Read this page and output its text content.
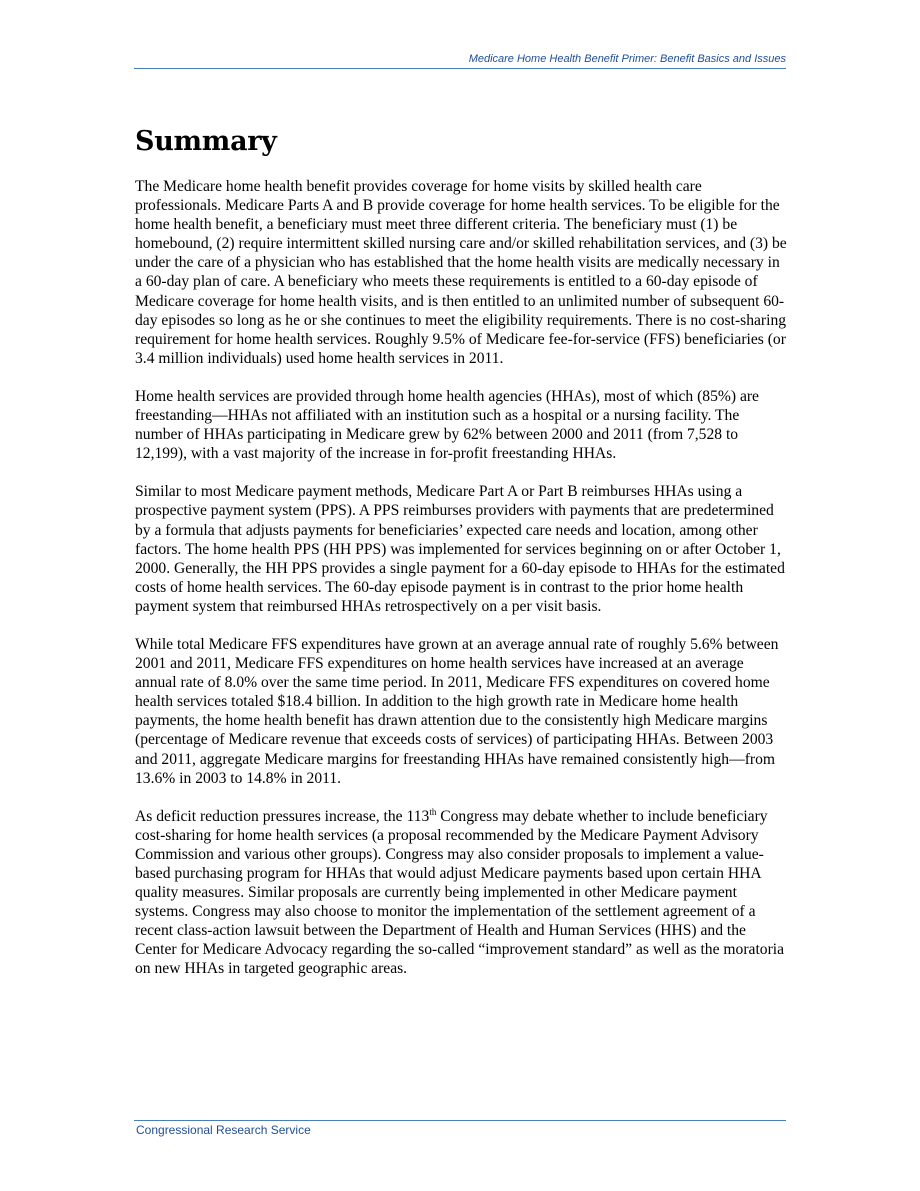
Medicare Home Health Benefit Primer: Benefit Basics and Issues
Summary

The Medicare home health benefit provides coverage for home visits by skilled health care professionals. Medicare Parts A and B provide coverage for home health services. To be eligible for the home health benefit, a beneficiary must meet three different criteria. The beneficiary must (1) be homebound, (2) require intermittent skilled nursing care and/or skilled rehabilitation services, and (3) be under the care of a physician who has established that the home health visits are medically necessary in a 60-day plan of care. A beneficiary who meets these requirements is entitled to a 60-day episode of Medicare coverage for home health visits, and is then entitled to an unlimited number of subsequent 60-day episodes so long as he or she continues to meet the eligibility requirements. There is no cost-sharing requirement for home health services. Roughly 9.5% of Medicare fee-for-service (FFS) beneficiaries (or 3.4 million individuals) used home health services in 2011.

Home health services are provided through home health agencies (HHAs), most of which (85%) are freestanding—HHAs not affiliated with an institution such as a hospital or a nursing facility. The number of HHAs participating in Medicare grew by 62% between 2000 and 2011 (from 7,528 to 12,199), with a vast majority of the increase in for-profit freestanding HHAs.

Similar to most Medicare payment methods, Medicare Part A or Part B reimburses HHAs using a prospective payment system (PPS). A PPS reimburses providers with payments that are predetermined by a formula that adjusts payments for beneficiaries’ expected care needs and location, among other factors. The home health PPS (HH PPS) was implemented for services beginning on or after October 1, 2000. Generally, the HH PPS provides a single payment for a 60-day episode to HHAs for the estimated costs of home health services. The 60-day episode payment is in contrast to the prior home health payment system that reimbursed HHAs retrospectively on a per visit basis.

While total Medicare FFS expenditures have grown at an average annual rate of roughly 5.6% between 2001 and 2011, Medicare FFS expenditures on home health services have increased at an average annual rate of 8.0% over the same time period. In 2011, Medicare FFS expenditures on covered home health services totaled $18.4 billion. In addition to the high growth rate in Medicare home health payments, the home health benefit has drawn attention due to the consistently high Medicare margins (percentage of Medicare revenue that exceeds costs of services) of participating HHAs. Between 2003 and 2011, aggregate Medicare margins for freestanding HHAs have remained consistently high—from 13.6% in 2003 to 14.8% in 2011.

As deficit reduction pressures increase, the 113th Congress may debate whether to include beneficiary cost-sharing for home health services (a proposal recommended by the Medicare Payment Advisory Commission and various other groups). Congress may also consider proposals to implement a value-based purchasing program for HHAs that would adjust Medicare payments based upon certain HHA quality measures. Similar proposals are currently being implemented in other Medicare payment systems. Congress may also choose to monitor the implementation of the settlement agreement of a recent class-action lawsuit between the Department of Health and Human Services (HHS) and the Center for Medicare Advocacy regarding the so-called “improvement standard” as well as the moratoria on new HHAs in targeted geographic areas.

Congressional Research Service
